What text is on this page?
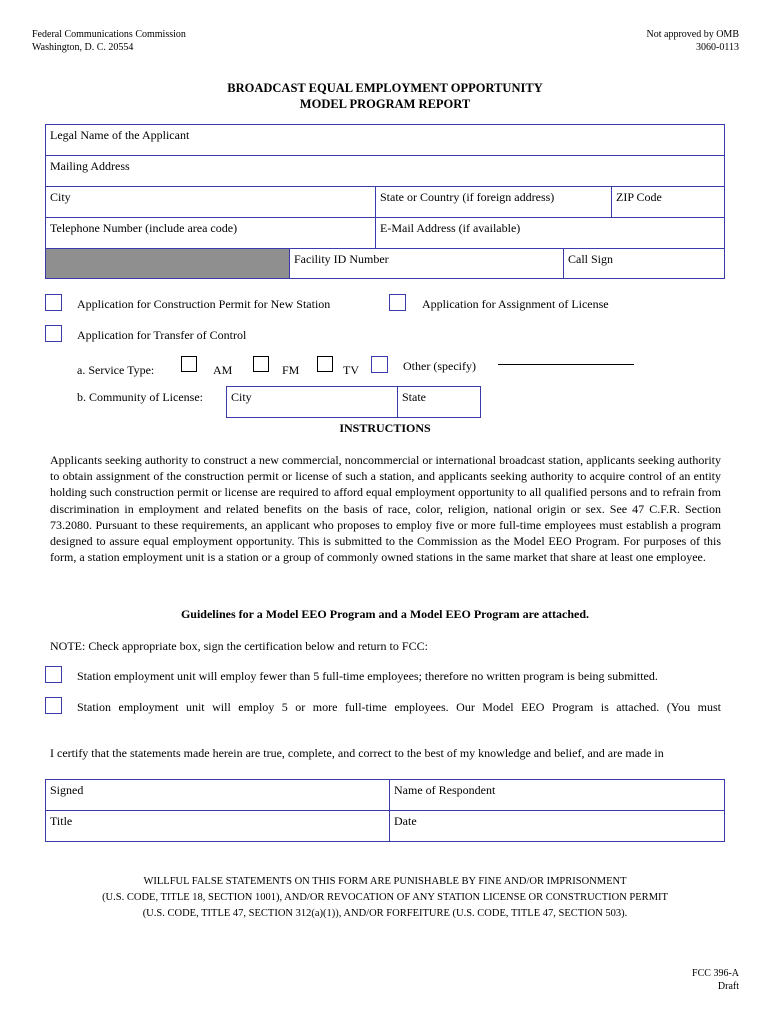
Federal Communications Commission
Washington, D. C. 20554
Not approved by OMB
3060-0113
BROADCAST EQUAL EMPLOYMENT OPPORTUNITY
MODEL PROGRAM REPORT
Legal Name of the Applicant
Mailing Address
City	State or Country (if foreign address)	ZIP Code
Telephone Number (include area code)	E-Mail Address (if available)
Facility ID Number	Call Sign
Application for Construction Permit for New Station	Application for Assignment of License
Application for Transfer of Control
a. Service Type:	AM	FM	TV	Other (specify)
b. Community of License: City	State
INSTRUCTIONS
Applicants seeking authority to construct a new commercial, noncommercial or international broadcast station, applicants seeking authority to obtain assignment of the construction permit or license of such a station, and applicants seeking authority to acquire control of an entity holding such construction permit or license are required to afford equal employment opportunity to all qualified persons and to refrain from discrimination in employment and related benefits on the basis of race, color, religion, national origin or sex. See 47 C.F.R. Section 73.2080. Pursuant to these requirements, an applicant who proposes to employ five or more full-time employees must establish a program designed to assure equal employment opportunity. This is submitted to the Commission as the Model EEO Program. For purposes of this form, a station employment unit is a station or a group of commonly owned stations in the same market that share at least one employee.
Guidelines for a Model EEO Program and a Model EEO Program are attached.
NOTE: Check appropriate box, sign the certification below and return to FCC:
Station employment unit will employ fewer than 5 full-time employees; therefore no written program is being submitted.
Station employment unit will employ 5 or more full-time employees. Our Model EEO Program is attached. (You must
I certify that the statements made herein are true, complete, and correct to the best of my knowledge and belief, and are made in
Signed	Name of Respondent
Title	Date
WILLFUL FALSE STATEMENTS ON THIS FORM ARE PUNISHABLE BY FINE AND/OR IMPRISONMENT
(U.S. CODE, TITLE 18, SECTION 1001), AND/OR REVOCATION OF ANY STATION LICENSE OR CONSTRUCTION PERMIT
(U.S. CODE, TITLE 47, SECTION 312(a)(1)), AND/OR FORFEITURE (U.S. CODE, TITLE 47, SECTION 503).
FCC 396-A
Draft
